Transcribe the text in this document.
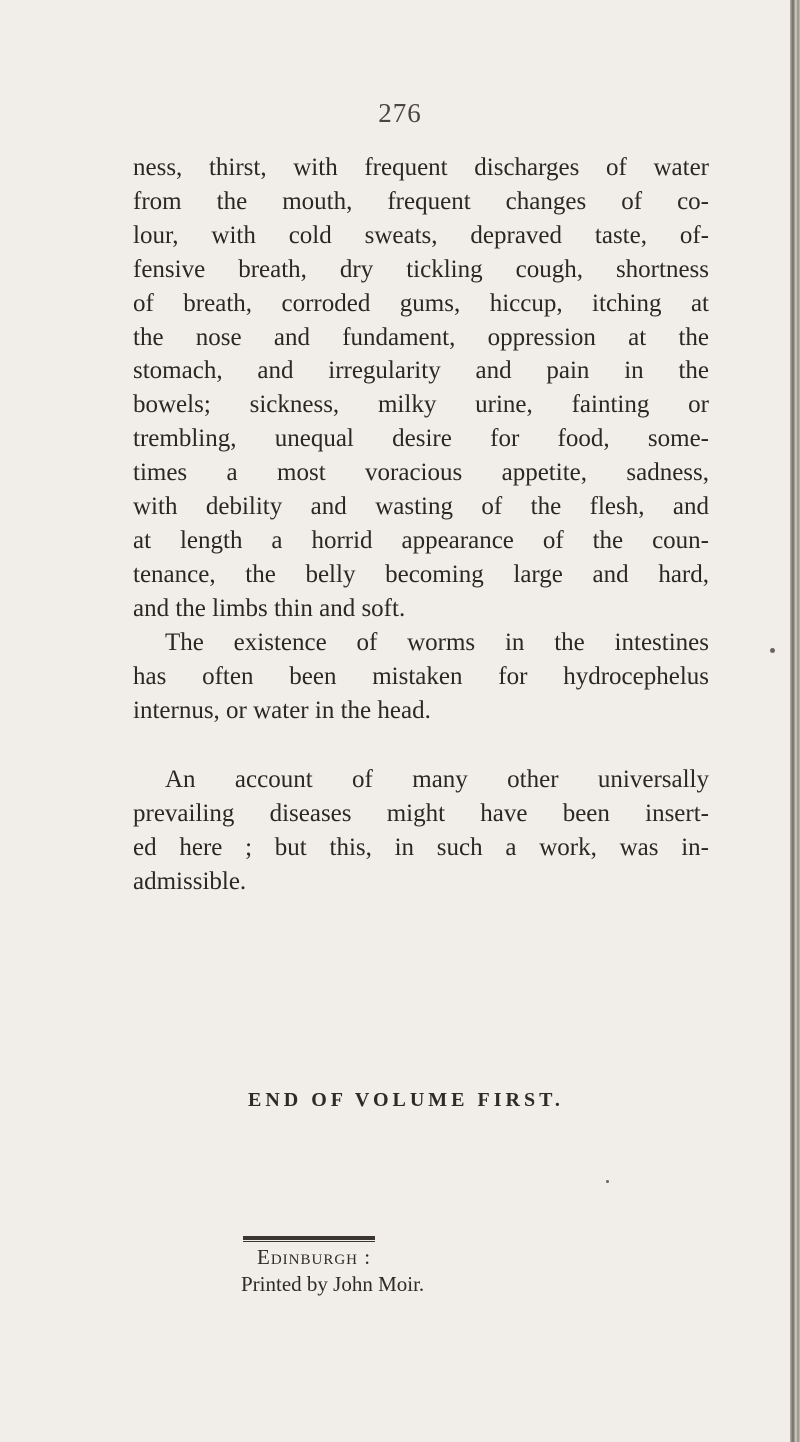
276
ness, thirst, with frequent discharges of water
from the mouth, frequent changes of co-
lour, with cold sweats, depraved taste, of-
fensive breath, dry tickling cough, shortness
of breath, corroded gums, hiccup, itching at
the nose and fundament, oppression at the
stomach, and irregularity and pain in the
bowels; sickness, milky urine, fainting or
trembling, unequal desire for food, some-
times a most voracious appetite, sadness,
with debility and wasting of the flesh, and
at length a horrid appearance of the coun-
tenance, the belly becoming large and hard,
and the limbs thin and soft.
The existence of worms in the intestines
has often been mistaken for hydrocephelus
internus, or water in the head.
An account of many other universally
prevailing diseases might have been insert-
ed here ; but this, in such a work, was in-
admissible.
END OF VOLUME FIRST.
Edinburgh :
Printed by John Moir.
